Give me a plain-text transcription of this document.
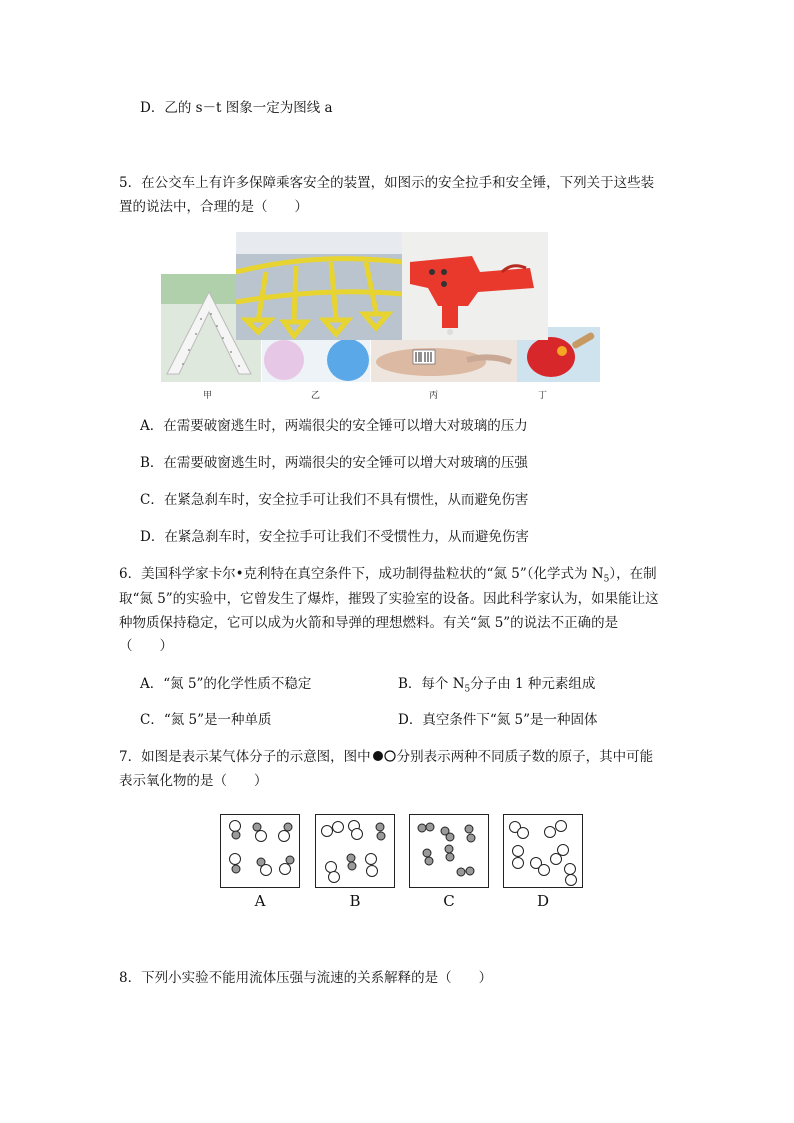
D．乙的 s－t 图象一定为图线 a
5．在公交车上有许多保障乘客安全的装置，如图示的安全拉手和安全锤，下列关于这些装
置的说法中，合理的是（　　）
甲	乙	丙	丁
A．在需要破窗逃生时，两端很尖的安全锤可以增大对玻璃的压力
B．在需要破窗逃生时，两端很尖的安全锤可以增大对玻璃的压强
C．在紧急刹车时，安全拉手可让我们不具有惯性，从而避免伤害
D．在紧急刹车时，安全拉手可让我们不受惯性力，从而避免伤害
6．美国科学家卡尔•克利特在真空条件下，成功制得盐粒状的“氮 5”（化学式为 $N_5$），在制
取“氮 5”的实验中，它曾发生了爆炸，摧毁了实验室的设备。因此科学家认为，如果能让这
种物质保持稳定，它可以成为火箭和导弹的理想燃料。有关“氮 5”的说法不正确的是
（　　）
A．“氮 5”的化学性质不稳定	B．每个 $N_5$分子由 1 种元素组成
C．“氮 5”是一种单质	D．真空条件下“氮 5”是一种固体
7．如图是表示某气体分子的示意图，图中 分别表示两种不同质子数的原子，其中可能
表示氧化物的是（　　）
A	B	C	D
8．下列小实验不能用流体压强与流速的关系解释的是（　　）
